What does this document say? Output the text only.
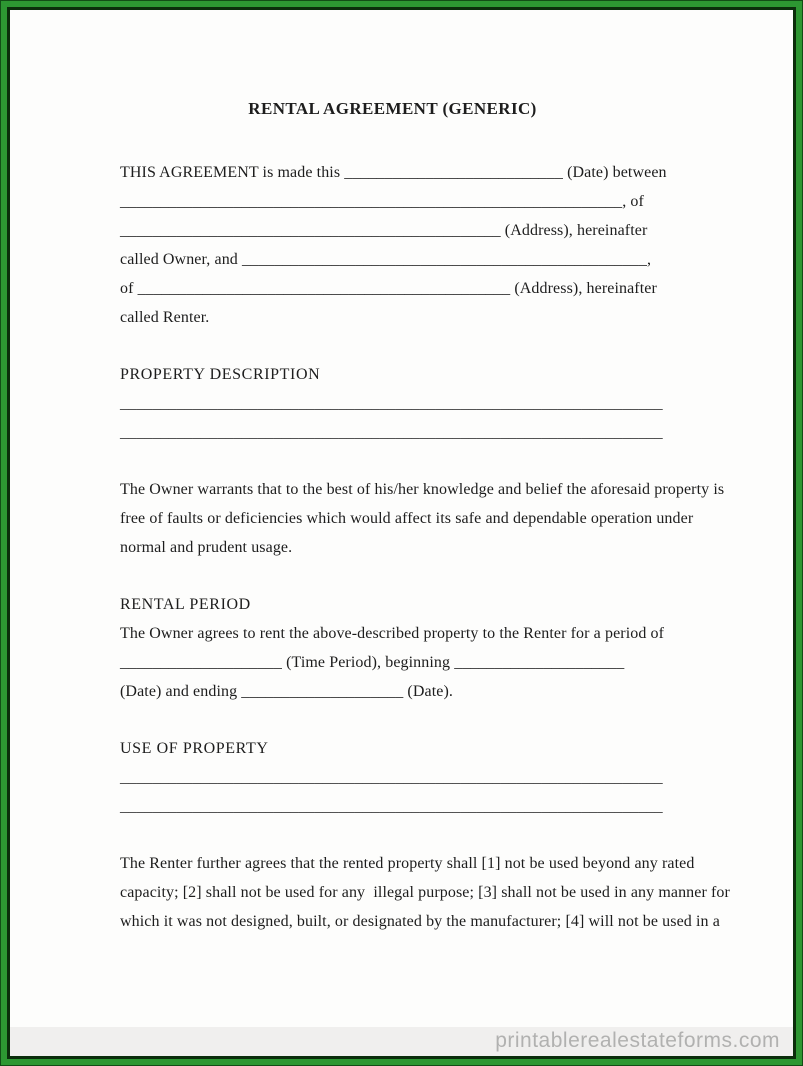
RENTAL AGREEMENT (GENERIC)
THIS AGREEMENT is made this ___________________________ (Date) between
______________________________________________________________, of
_______________________________________________ (Address), hereinafter
called Owner, and __________________________________________________,
of ______________________________________________ (Address), hereinafter
called Renter.
PROPERTY DESCRIPTION
___________________________________________________________________
___________________________________________________________________
The Owner warrants that to the best of his/her knowledge and belief the aforesaid property is
free of faults or deficiencies which would affect its safe and dependable operation under
normal and prudent usage.
RENTAL PERIOD
The Owner agrees to rent the above-described property to the Renter for a period of
____________________ (Time Period), beginning _____________________
(Date) and ending ____________________ (Date).
USE OF PROPERTY
___________________________________________________________________
___________________________________________________________________
The Renter further agrees that the rented property shall [1] not be used beyond any rated
capacity; [2] shall not be used for any  illegal purpose; [3] shall not be used in any manner for
which it was not designed, built, or designated by the manufacturer; [4] will not be used in a
printablerealestateforms.com
